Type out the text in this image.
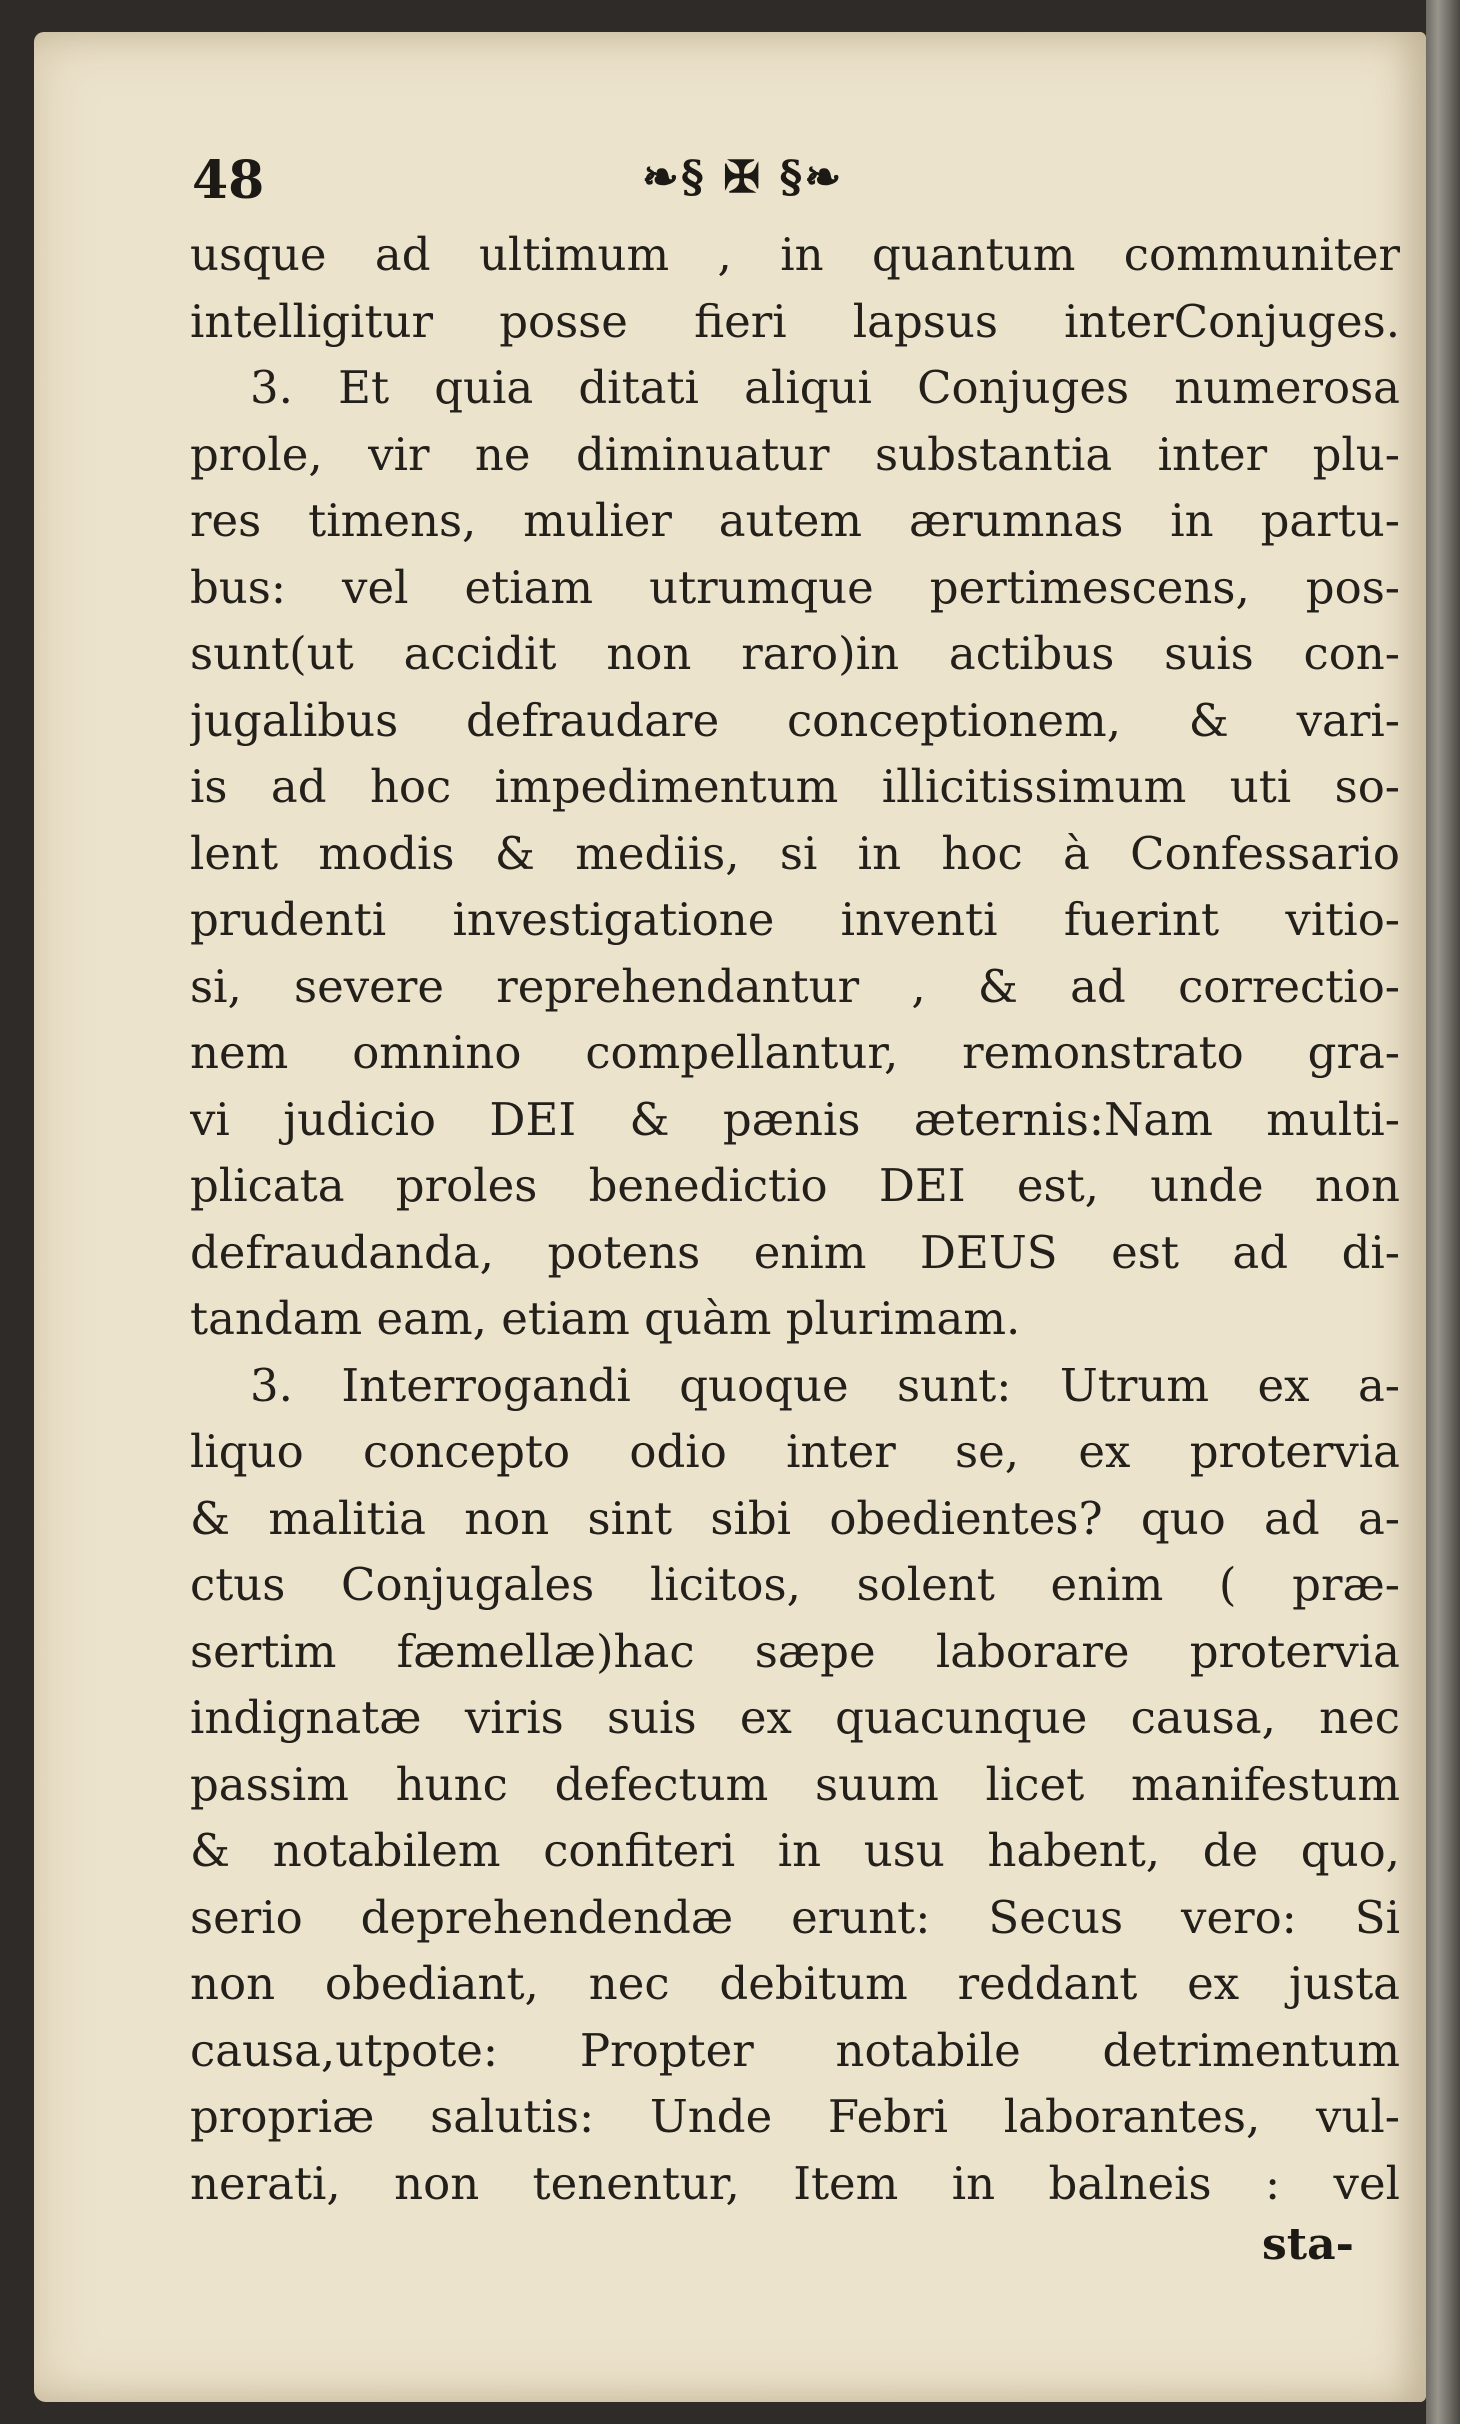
48	❧§ ✠ §❧
usque ad ultimum , in quantum communiter
intelligitur posse fieri lapsus interConjuges.
3. Et quia ditati aliqui Conjuges numerosa
prole, vir ne diminuatur substantia inter plu-
res timens, mulier autem ærumnas in partu-
bus: vel etiam utrumque pertimescens, pos-
sunt(ut accidit non raro)in actibus suis con-
jugalibus defraudare conceptionem, & vari-
is ad hoc impedimentum illicitissimum uti so-
lent modis & mediis, si in hoc à Confessario
prudenti investigatione inventi fuerint vitio-
si, severe reprehendantur , & ad correctio-
nem omnino compellantur, remonstrato gra-
vi judicio DEI & pænis æternis:Nam multi-
plicata proles benedictio DEI est, unde non
defraudanda, potens enim DEUS est ad di-
tandam eam, etiam quàm plurimam.
3. Interrogandi quoque sunt: Utrum ex a-
liquo concepto odio inter se, ex protervia
& malitia non sint sibi obedientes? quo ad a-
ctus Conjugales licitos, solent enim ( præ-
sertim fæmellæ)hac sæpe laborare protervia
indignatæ viris suis ex quacunque causa, nec
passim hunc defectum suum licet manifestum
& notabilem confiteri in usu habent, de quo,
serio deprehendendæ erunt: Secus vero: Si
non obediant, nec debitum reddant ex justa
causa,utpote: Propter notabile detrimentum
propriæ salutis: Unde Febri laborantes, vul-
nerati, non tenentur, Item in balneis : vel
sta-
